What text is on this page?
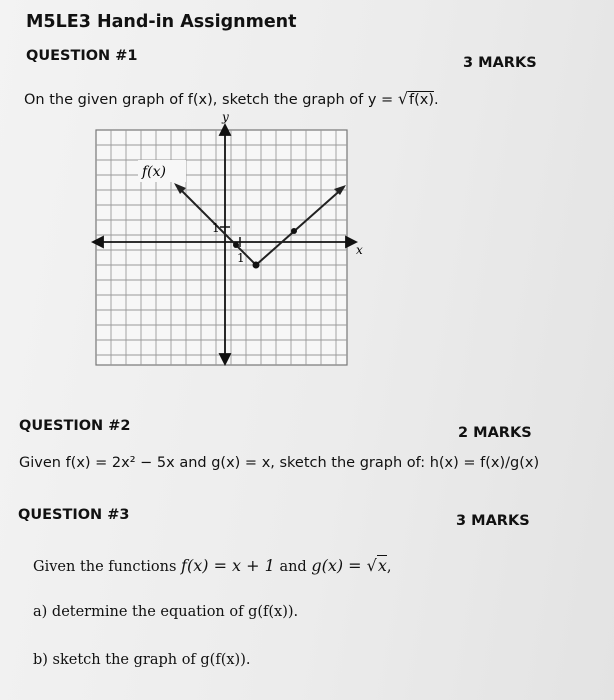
M5LE3 Hand-in Assignment
QUESTION #1	3 MARKS
On the given graph of f(x), sketch the graph of y = √f(x).
y
x
f(x)
1
1
QUESTION #2	2 MARKS
Given f(x) = 2x² − 5x and g(x) = x, sketch the graph of: h(x) = f(x)/g(x)
QUESTION #3	3 MARKS
Given the functions f(x) = x + 1 and g(x) = √x,
a) determine the equation of g(f(x)).
b) sketch the graph of g(f(x)).
